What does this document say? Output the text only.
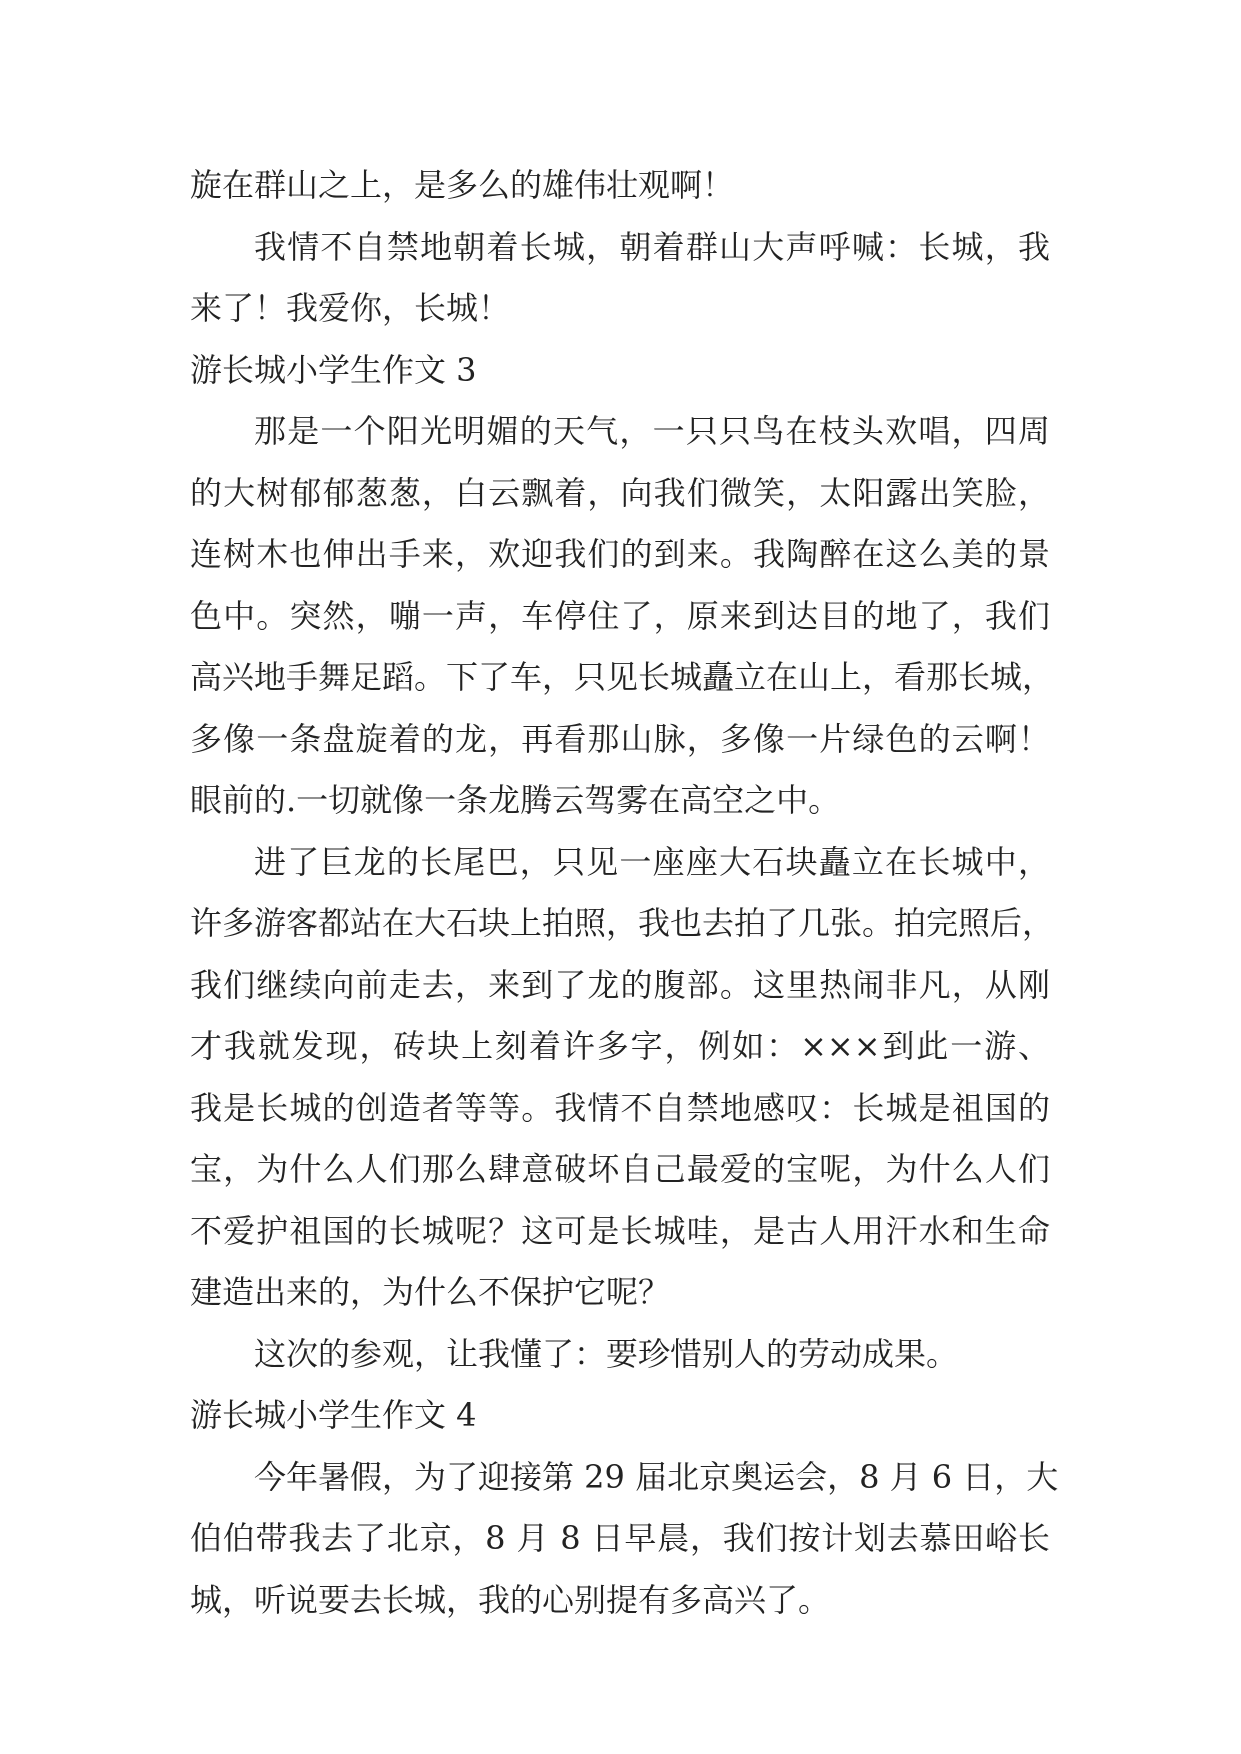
旋在群山之上，是多么的雄伟壮观啊！
我情不自禁地朝着长城，朝着群山大声呼喊：长城，我
来了！我爱你，长城！
游长城小学生作文 3
那是一个阳光明媚的天气，一只只鸟在枝头欢唱，四周
的大树郁郁葱葱，白云飘着，向我们微笑，太阳露出笑脸，
连树木也伸出手来，欢迎我们的到来。我陶醉在这么美的景
色中。突然，嘣一声，车停住了，原来到达目的地了，我们
高兴地手舞足蹈。下了车，只见长城矗立在山上，看那长城，
多像一条盘旋着的龙，再看那山脉，多像一片绿色的云啊！
眼前的.一切就像一条龙腾云驾雾在高空之中。
进了巨龙的长尾巴，只见一座座大石块矗立在长城中，
许多游客都站在大石块上拍照，我也去拍了几张。拍完照后，
我们继续向前走去，来到了龙的腹部。这里热闹非凡，从刚
才我就发现，砖块上刻着许多字，例如：×××到此一游、
我是长城的创造者等等。我情不自禁地感叹：长城是祖国的
宝，为什么人们那么肆意破坏自己最爱的宝呢，为什么人们
不爱护祖国的长城呢？这可是长城哇，是古人用汗水和生命
建造出来的，为什么不保护它呢？
这次的参观，让我懂了：要珍惜别人的劳动成果。
游长城小学生作文 4
今年暑假，为了迎接第 29 届北京奥运会，8 月 6 日，大
伯伯带我去了北京，8 月 8 日早晨，我们按计划去慕田峪长
城，听说要去长城，我的心别提有多高兴了。
